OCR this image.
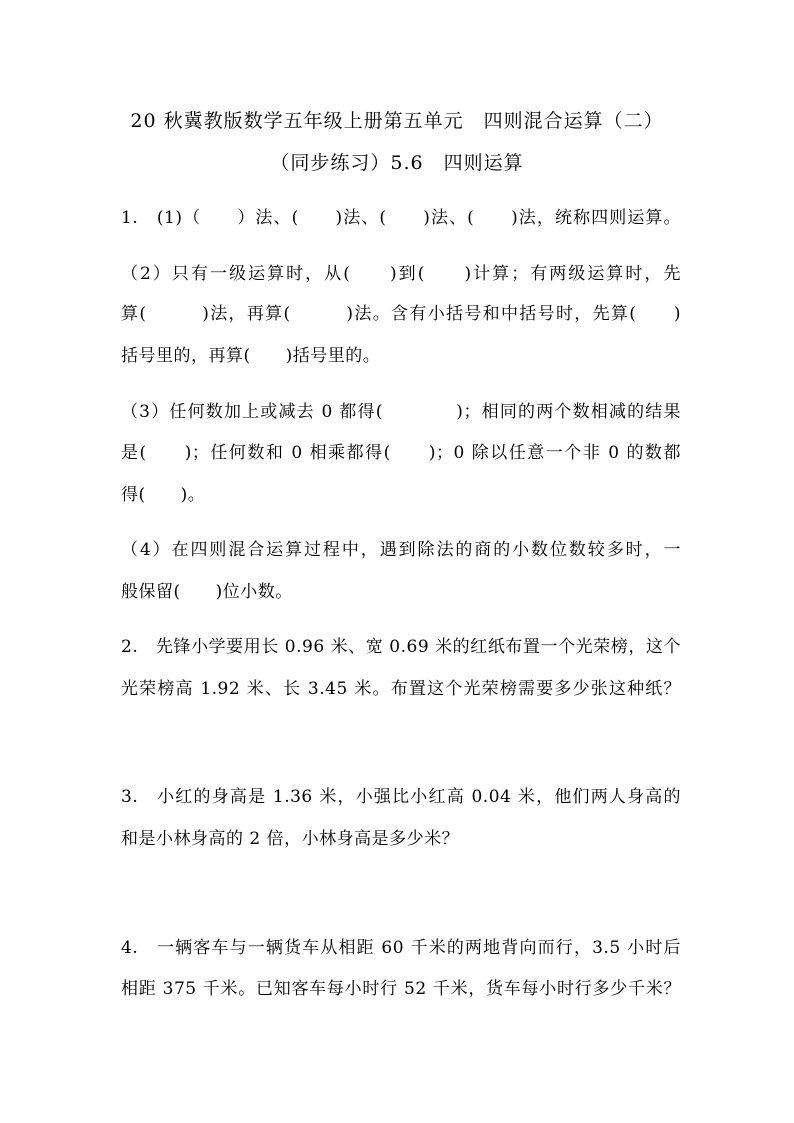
20 秋冀教版数学五年级上册第五单元　四则混合运算（二）
（同步练习）5.6　四则运算
1.　(1)（　　）法、(　　)法、(　　)法、(　　)法，统称四则运算。
（2）只有一级运算时，从(　　)到(　　)计算；有两级运算时，先
算(　　　)法，再算(　　　)法。含有小括号和中括号时，先算(　　)
括号里的，再算(　　)括号里的。
（3）任何数加上或减去 0 都得(　　　　)；相同的两个数相减的结果
是(　　)；任何数和 0 相乘都得(　　)；0 除以任意一个非 0 的数都
得(　　)。
（4）在四则混合运算过程中，遇到除法的商的小数位数较多时，一
般保留(　　)位小数。
2.　先锋小学要用长 0.96 米、宽 0.69 米的红纸布置一个光荣榜，这个
光荣榜高 1.92 米、长 3.45 米。布置这个光荣榜需要多少张这种纸？
3.　小红的身高是 1.36 米，小强比小红高 0.04 米，他们两人身高的
和是小林身高的 2 倍，小林身高是多少米？
4.　一辆客车与一辆货车从相距 60 千米的两地背向而行，3.5 小时后
相距 375 千米。已知客车每小时行 52 千米，货车每小时行多少千米？
